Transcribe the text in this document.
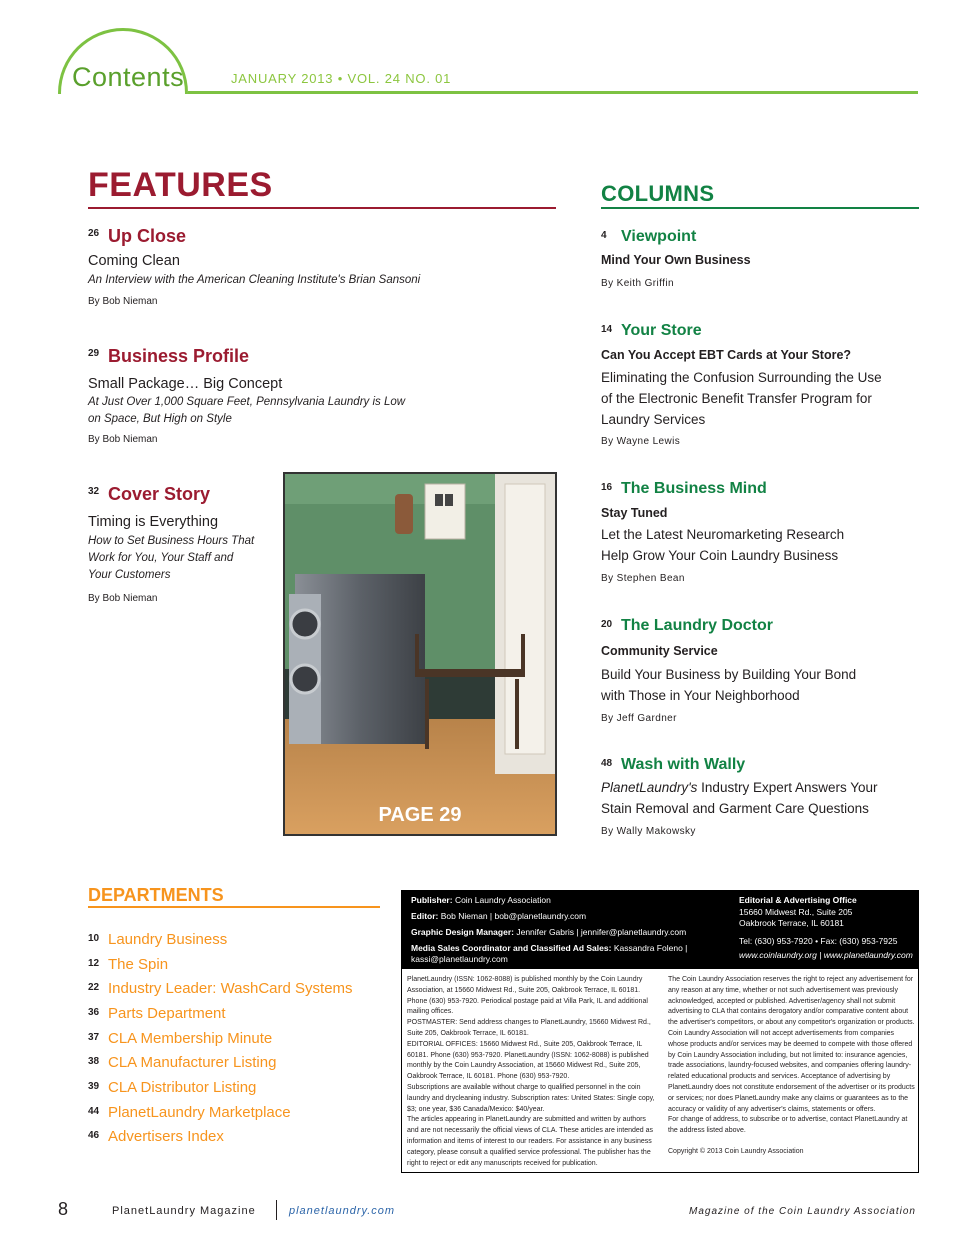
Contents	JANUARY 2013 • VOL. 24 NO. 01
FEATURES
26 Up Close
Coming Clean
An Interview with the American Cleaning Institute's Brian Sansoni
By Bob Nieman
29 Business Profile
Small Package… Big Concept
At Just Over 1,000 Square Feet, Pennsylvania Laundry is Low on Space, But High on Style
By Bob Nieman
32 Cover Story
Timing is Everything
How to Set Business Hours That Work for You, Your Staff and Your Customers
By Bob Nieman
PAGE 29
COLUMNS
4 Viewpoint
Mind Your Own Business
By Keith Griffin
14 Your Store
Can You Accept EBT Cards at Your Store?
Eliminating the Confusion Surrounding the Use of the Electronic Benefit Transfer Program for Laundry Services
By Wayne Lewis
16 The Business Mind
Stay Tuned
Let the Latest Neuromarketing Research Help Grow Your Coin Laundry Business
By Stephen Bean
20 The Laundry Doctor
Community Service
Build Your Business by Building Your Bond with Those in Your Neighborhood
By Jeff Gardner
48 Wash with Wally
PlanetLaundry's Industry Expert Answers Your Stain Removal and Garment Care Questions
By Wally Makowsky
DEPARTMENTS
10 Laundry Business
12 The Spin
22 Industry Leader: WashCard Systems
36 Parts Department
37 CLA Membership Minute
38 CLA Manufacturer Listing
39 CLA Distributor Listing
44 PlanetLaundry Marketplace
46 Advertisers Index
Publisher: Coin Laundry Association
Editor: Bob Nieman | bob@planetlaundry.com
Graphic Design Manager: Jennifer Gabris | jennifer@planetlaundry.com
Media Sales Coordinator and Classified Ad Sales: Kassandra Foleno |
kassi@planetlaundry.com
Editorial & Advertising Office
15660 Midwest Rd., Suite 205
Oakbrook Terrace, IL 60181
Tel: (630) 953-7920 • Fax: (630) 953-7925
www.coinlaundry.org | www.planetlaundry.com

PlanetLaundry (ISSN: 1062-8088) is published monthly by the Coin Laundry Association, at 15660 Midwest Rd., Suite 205, Oakbrook Terrace, IL 60181. Phone (630) 953-7920. Periodical postage paid at Villa Park, IL and additional mailing offices.

POSTMASTER: Send address changes to PlanetLaundry, 15660 Midwest Rd., Suite 205, Oakbrook Terrace, IL 60181.

EDITORIAL OFFICES: 15660 Midwest Rd., Suite 205, Oakbrook Terrace, IL 60181. Phone (630) 953-7920. PlanetLaundry (ISSN: 1062-8088) is published monthly by the Coin Laundry Association, at 15660 Midwest Rd., Suite 205, Oakbrook Terrace, IL 60181. Phone (630) 953-7920.

Subscriptions are available without charge to qualified personnel in the coin laundry and drycleaning industry. Subscription rates: United States: Single copy, $3; one year, $36 Canada/Mexico: $40/year.

The articles appearing in PlanetLaundry are submitted and written by authors and are not necessarily the official views of CLA. These articles are intended as information and items of interest to our readers. For assistance in any business category, please consult a qualified service professional. The publisher has the right to reject or edit any manuscripts received for publication.

The Coin Laundry Association reserves the right to reject any advertisement for any reason at any time, whether or not such advertisement was previously acknowledged, accepted or published. Advertiser/agency shall not submit advertising to CLA that contains derogatory and/or comparative content about the advertiser's competitors, or about any competitor's organization or products.

Coin Laundry Association will not accept advertisements from companies whose products and/or services may be deemed to compete with those offered by Coin Laundry Association including, but not limited to: insurance agencies, trade associations, laundry-focused websites, and companies offering laundry-related educational products and services. Acceptance of advertising by PlanetLaundry does not constitute endorsement of the advertiser or its products or services; nor does PlanetLaundry make any claims or guarantees as to the accuracy or validity of any advertiser's claims, statements or offers.

For change of address, to subscribe or to advertise, contact PlanetLaundry at the address listed above.

Copyright © 2013 Coin Laundry Association

8	PlanetLaundry Magazine	planetlaundry.com	Magazine of the Coin Laundry Association
